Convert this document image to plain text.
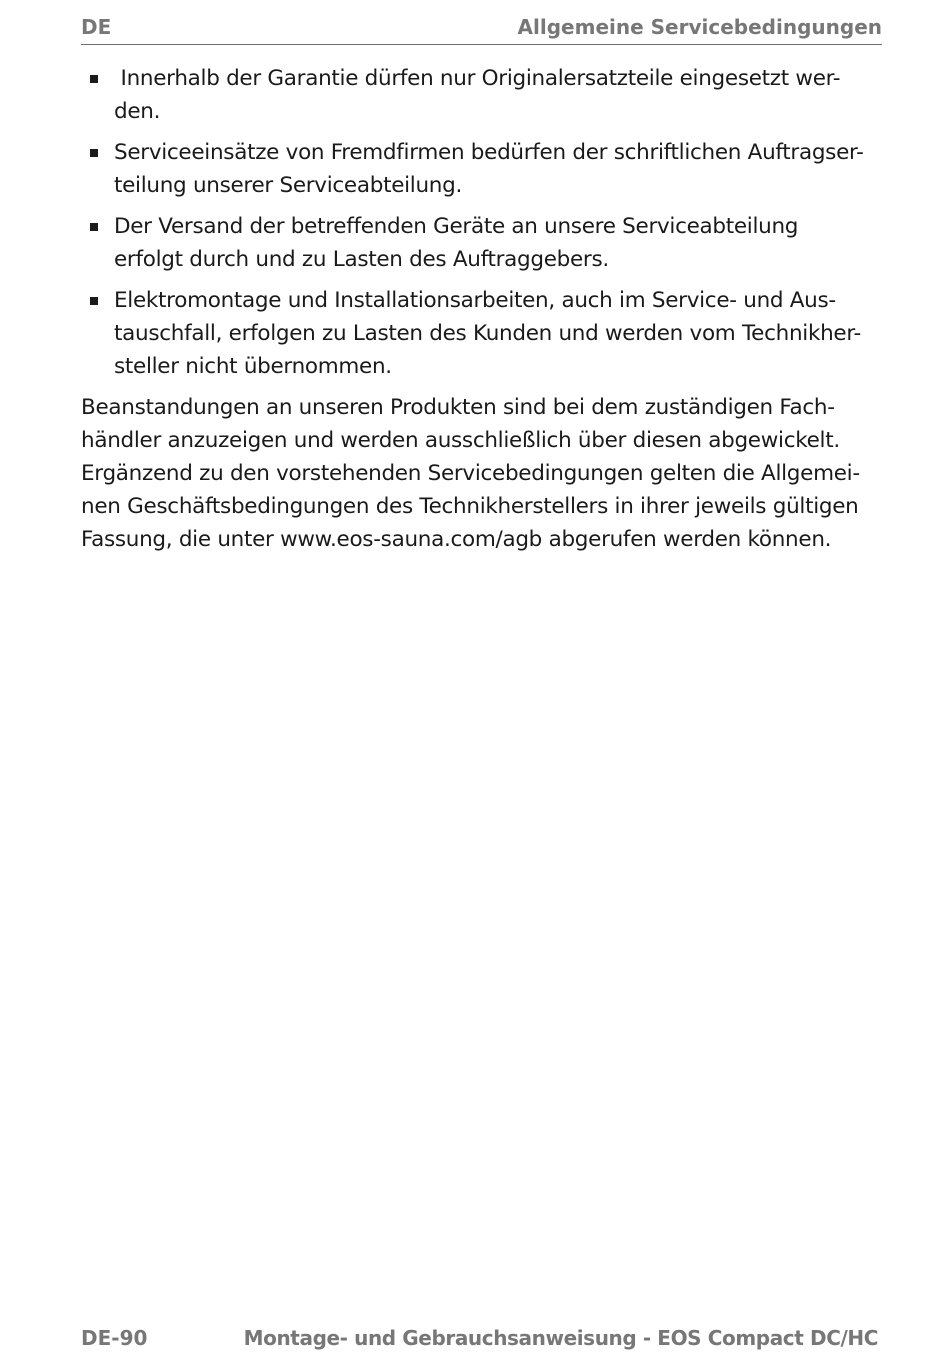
DE	Allgemeine Servicebedingungen
Innerhalb der Garantie dürfen nur Originalersatzteile eingesetzt wer-
den.
Serviceeinsätze von Fremdfirmen bedürfen der schriftlichen Auftragser-
teilung unserer Serviceabteilung.
Der Versand der betreffenden Geräte an unsere Serviceabteilung
erfolgt durch und zu Lasten des Auftraggebers.
Elektromontage und Installationsarbeiten, auch im Service- und Aus-
tauschfall, erfolgen zu Lasten des Kunden und werden vom Technikher-
steller nicht übernommen.

Beanstandungen an unseren Produkten sind bei dem zuständigen Fach-
händler anzuzeigen und werden ausschließlich über diesen abgewickelt.
Ergänzend zu den vorstehenden Servicebedingungen gelten die Allgemei-
nen Geschäftsbedingungen des Technikherstellers in ihrer jeweils gültigen
Fassung, die unter www.eos-sauna.com/agb abgerufen werden können.

DE-90	Montage- und Gebrauchsanweisung - EOS Compact DC/HC
